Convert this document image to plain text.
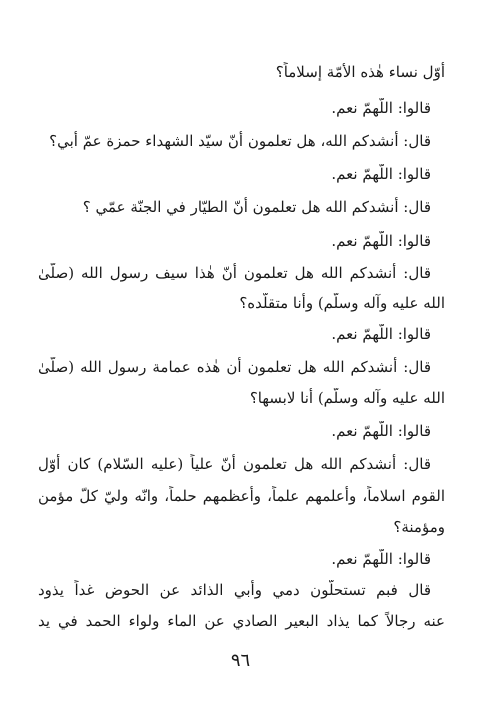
أوّل نساء هٰذه الأمّة إسلاماً؟
قالوا: اللّهمّ نعم.
قال: أنشدكم الله، هل تعلمون أنّ سيّد الشهداء حمزة عمّ أبي؟
قالوا: اللّهمّ نعم.
قال: أنشدكم الله هل تعلمون أنّ الطيّار في الجنّة عمّي ؟
قالوا: اللّهمّ نعم.
قال: أنشدكم الله هل تعلمون أنّ هٰذا سيف رسول الله (صلّىٰ
الله عليه وآله وسلّم) وأنا متقلّده؟
قالوا: اللّهمّ نعم.
قال: أنشدكم الله هل تعلمون أن هٰذه عمامة رسول الله (صلّىٰ
الله عليه وآله وسلّم) أنا لابسها؟
قالوا: اللّهمّ نعم.
قال: أنشدكم الله هل تعلمون أنّ علياً (عليه السّلام) كان أوّل
القوم اسلاماً، وأعلمهم علماً، وأعظمهم حلماً، وانّه وليّ كلّ مؤمن
ومؤمنة؟
قالوا: اللّهمّ نعم.
قال فبم تستحلّون دمي وأبي الذائد عن الحوض غداً يذود
عنه رجالاً كما يذاد البعير الصادي عن الماء ولواء الحمد في يد
٩٦
